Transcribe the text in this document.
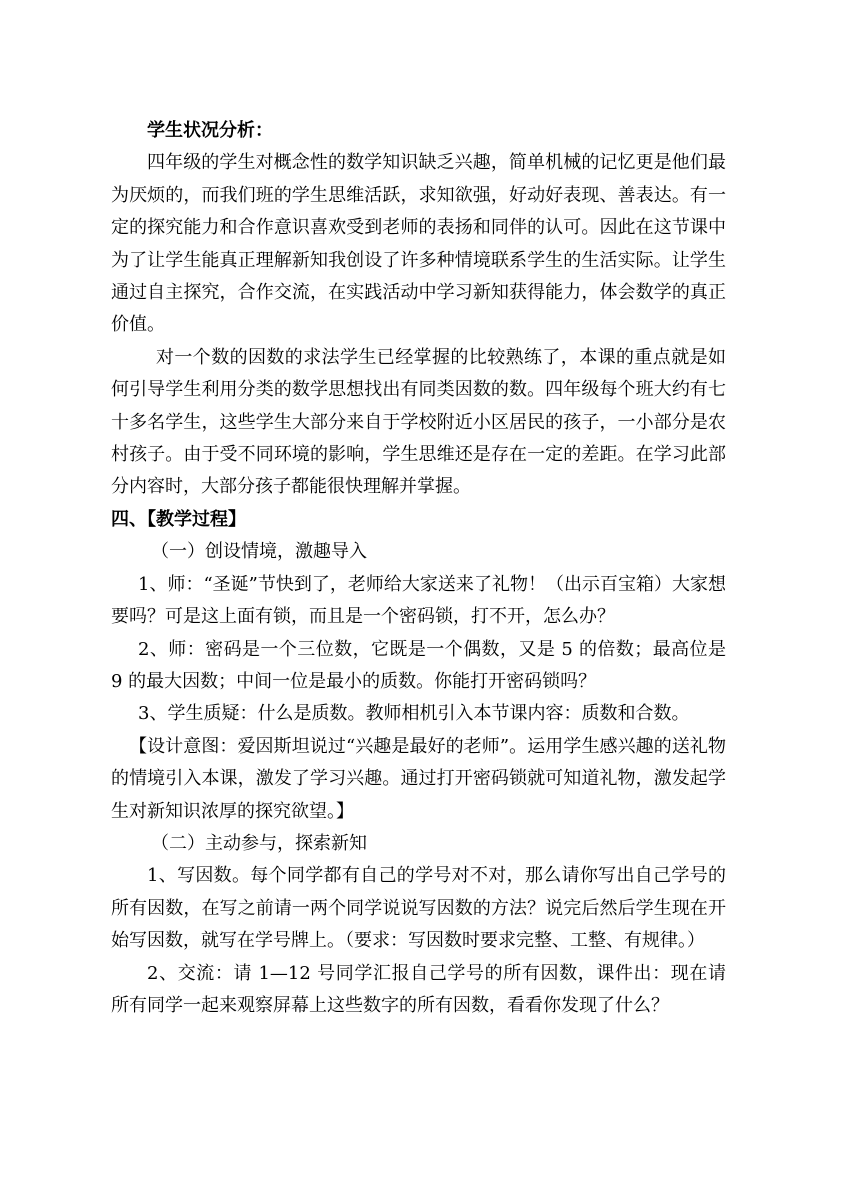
学生状况分析：

四年级的学生对概念性的数学知识缺乏兴趣，简单机械的记忆更是他们最为厌烦的，而我们班的学生思维活跃，求知欲强，好动好表现、善表达。有一定的探究能力和合作意识喜欢受到老师的表扬和同伴的认可。因此在这节课中为了让学生能真正理解新知我创设了许多种情境联系学生的生活实际。让学生通过自主探究，合作交流，在实践活动中学习新知获得能力，体会数学的真正价值。

对一个数的因数的求法学生已经掌握的比较熟练了，本课的重点就是如何引导学生利用分类的数学思想找出有同类因数的数。四年级每个班大约有七十多名学生，这些学生大部分来自于学校附近小区居民的孩子，一小部分是农村孩子。由于受不同环境的影响，学生思维还是存在一定的差距。在学习此部分内容时，大部分孩子都能很快理解并掌握。

四、【教学过程】

（一）创设情境，激趣导入

1、师：“圣诞”节快到了，老师给大家送来了礼物！（出示百宝箱）大家想要吗？可是这上面有锁，而且是一个密码锁，打不开，怎么办？

2、师：密码是一个三位数，它既是一个偶数，又是 5 的倍数；最高位是 9 的最大因数；中间一位是最小的质数。你能打开密码锁吗？

3、学生质疑：什么是质数。教师相机引入本节课内容：质数和合数。

【设计意图：爱因斯坦说过“兴趣是最好的老师”。运用学生感兴趣的送礼物的情境引入本课，激发了学习兴趣。通过打开密码锁就可知道礼物，激发起学生对新知识浓厚的探究欲望。】

（二）主动参与，探索新知

1、写因数。每个同学都有自己的学号对不对，那么请你写出自己学号的所有因数，在写之前请一两个同学说说写因数的方法？说完后然后学生现在开始写因数，就写在学号牌上。（要求：写因数时要求完整、工整、有规律。）

2、交流：请 1—12 号同学汇报自己学号的所有因数，课件出：现在请所有同学一起来观察屏幕上这些数字的所有因数，看看你发现了什么？
